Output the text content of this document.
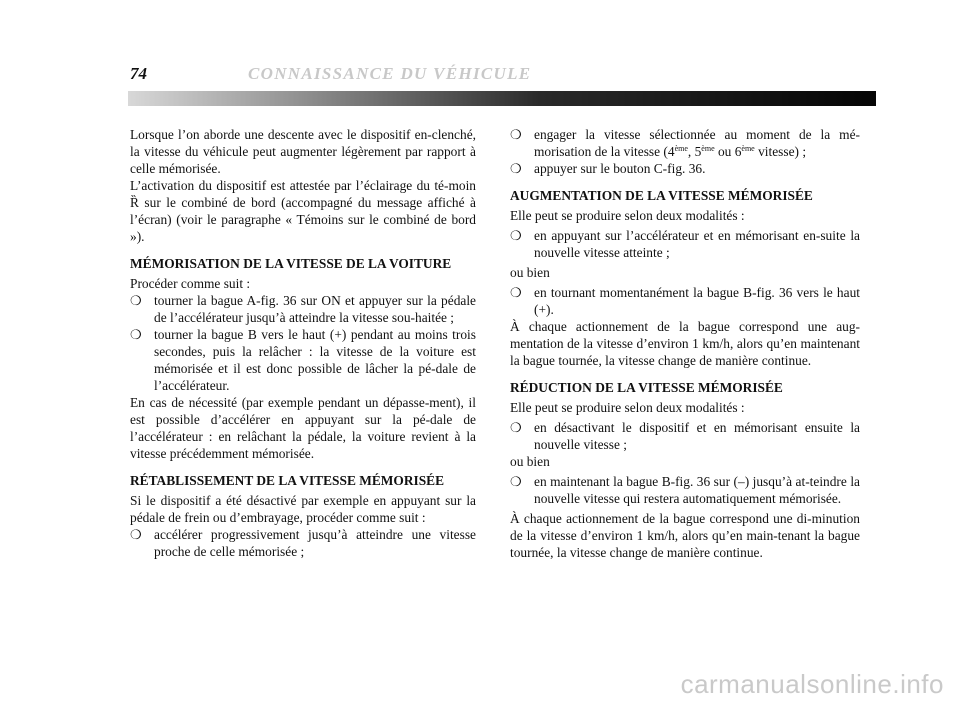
74	CONNAISSANCE DU VÉHICULE

Lorsque l’on aborde une descente avec le dispositif en-clenché, la vitesse du véhicule peut augmenter légèrement par rapport à celle mémorisée.

L’activation du dispositif est attestée par l’éclairage du té-moin Ȑ sur le combiné de bord (accompagné du message affiché à l’écran) (voir le paragraphe « Témoins sur le combiné de bord »).

MÉMORISATION DE LA VITESSE DE LA VOITURE

Procéder comme suit :

❍ tourner la bague A-fig. 36 sur ON et appuyer sur la pédale de l’accélérateur jusqu’à atteindre la vitesse sou-haitée ;
❍ tourner la bague B vers le haut (+) pendant au moins trois secondes, puis la relâcher : la vitesse de la voiture est mémorisée et il est donc possible de lâcher la pé-dale de l’accélérateur.

En cas de nécessité (par exemple pendant un dépasse-ment), il est possible d’accélérer en appuyant sur la pé-dale de l’accélérateur : en relâchant la pédale, la voiture revient à la vitesse précédemment mémorisée.

RÉTABLISSEMENT DE LA VITESSE MÉMORISÉE

Si le dispositif a été désactivé par exemple en appuyant sur la pédale de frein ou d’embrayage, procéder comme suit :

❍ accélérer progressivement jusqu’à atteindre une vitesse proche de celle mémorisée ;
❍ engager la vitesse sélectionnée au moment de la mé-morisation de la vitesse (4ème, 5ème ou 6ème vitesse) ;
❍ appuyer sur le bouton C-fig. 36.
AUGMENTATION DE LA VITESSE MÉMORISÉE

Elle peut se produire selon deux modalités :

❍ en appuyant sur l’accélérateur et en mémorisant en-suite la nouvelle vitesse atteinte ;

ou bien

❍ en tournant momentanément la bague B-fig. 36 vers le haut (+).

À chaque actionnement de la bague correspond une aug-mentation de la vitesse d’environ 1 km/h, alors qu’en maintenant la bague tournée, la vitesse change de manière continue.

RÉDUCTION DE LA VITESSE MÉMORISÉE

Elle peut se produire selon deux modalités :

❍ en désactivant le dispositif et en mémorisant ensuite la nouvelle vitesse ;

ou bien

❍ en maintenant la bague B-fig. 36 sur (–) jusqu’à at-teindre la nouvelle vitesse qui restera automatiquement mémorisée.

À chaque actionnement de la bague correspond une di-minution de la vitesse d’environ 1 km/h, alors qu’en main-tenant la bague tournée, la vitesse change de manière continue.

carmanualsonline.info
